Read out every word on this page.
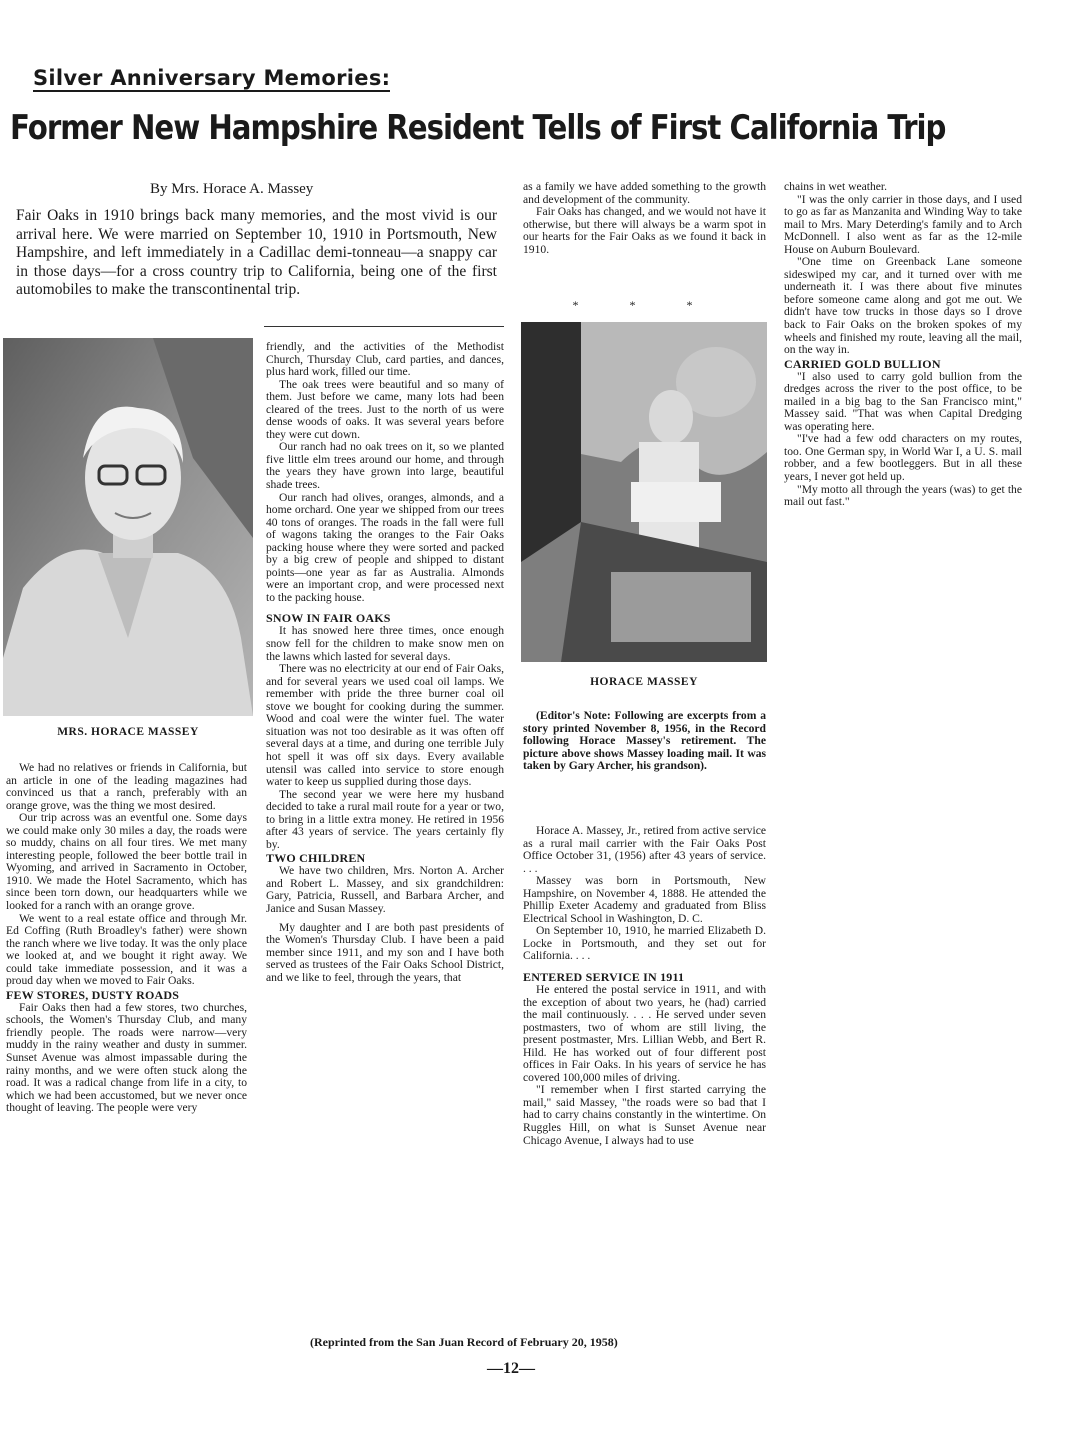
Silver Anniversary Memories:
Former New Hampshire Resident Tells of First California Trip
By Mrs. Horace A. Massey
Fair Oaks in 1910 brings back many memories, and the most vivid is our arrival here. We were married on September 10, 1910 in Portsmouth, New Hampshire, and left immediately in a Cadillac demi-tonneau—a snappy car in those days—for a cross country trip to California, being one of the first automobiles to make the transcontinental trip.
MRS. HORACE MASSEY

We had no relatives or friends in California, but an article in one of the leading magazines had convinced us that a ranch, preferably with an orange grove, was the thing we most desired.

Our trip across was an eventful one. Some days we could make only 30 miles a day, the roads were so muddy, chains on all four tires. We met many interesting people, followed the beer bottle trail in Wyoming, and arrived in Sacramento in October, 1910. We made the Hotel Sacramento, which has since been torn down, our headquarters while we looked for a ranch with an orange grove.

We went to a real estate office and through Mr. Ed Coffing (Ruth Broadley's father) were shown the ranch where we live today. It was the only place we looked at, and we bought it right away. We could take immediate possession, and it was a proud day when we moved to Fair Oaks.

FEW STORES, DUSTY ROADS

Fair Oaks then had a few stores, two churches, schools, the Women's Thursday Club, and many friendly people. The roads were narrow—very muddy in the rainy weather and dusty in summer. Sunset Avenue was almost impassable during the rainy months, and we were often stuck along the road. It was a radical change from life in a city, to which we had been accustomed, but we never once thought of leaving. The people were very

friendly, and the activities of the Methodist Church, Thursday Club, card parties, and dances, plus hard work, filled our time.

The oak trees were beautiful and so many of them. Just before we came, many lots had been cleared of the trees. Just to the north of us were dense woods of oaks. It was several years before they were cut down.

Our ranch had no oak trees on it, so we planted five little elm trees around our home, and through the years they have grown into large, beautiful shade trees.

Our ranch had olives, oranges, almonds, and a home orchard. One year we shipped from our trees 40 tons of oranges. The roads in the fall were full of wagons taking the oranges to the Fair Oaks packing house where they were sorted and packed by a big crew of people and shipped to distant points—one year as far as Australia. Almonds were an important crop, and were processed next to the packing house.

SNOW IN FAIR OAKS

It has snowed here three times, once enough snow fell for the children to make snow men on the lawns which lasted for several days.

There was no electricity at our end of Fair Oaks, and for several years we used coal oil lamps. We remember with pride the three burner coal oil stove we bought for cooking during the summer. Wood and coal were the winter fuel. The water situation was not too desirable as it was often off several days at a time, and during one terrible July hot spell it was off six days. Every available utensil was called into service to store enough water to keep us supplied during those days.

The second year we were here my husband decided to take a rural mail route for a year or two, to bring in a little extra money. He retired in 1956 after 43 years of service. The years certainly fly by.

TWO CHILDREN

We have two children, Mrs. Norton A. Archer and Robert L. Massey, and six grandchildren: Gary, Patricia, Russell, and Barbara Archer, and Janice and Susan Massey.

My daughter and I are both past presidents of the Women's Thursday Club. I have been a paid member since 1911, and my son and I have both served as trustees of the Fair Oaks School District, and we like to feel, through the years, that

as a family we have added something to the growth and development of the community.

Fair Oaks has changed, and we would not have it otherwise, but there will always be a warm spot in our hearts for the Fair Oaks as we found it back in 1910.

* * *
HORACE MASSEY

(Editor's Note: Following are excerpts from a story printed November 8, 1956, in the Record following Horace Massey's retirement. The picture above shows Massey loading mail. It was taken by Gary Archer, his grandson).

Horace A. Massey, Jr., retired from active service as a rural mail carrier with the Fair Oaks Post Office October 31, (1956) after 43 years of service. . . .

Massey was born in Portsmouth, New Hampshire, on November 4, 1888. He attended the Phillip Exeter Academy and graduated from Bliss Electrical School in Washington, D. C.

On September 10, 1910, he married Elizabeth D. Locke in Portsmouth, and they set out for California. . . .

ENTERED SERVICE IN 1911

He entered the postal service in 1911, and with the exception of about two years, he (had) carried the mail continuously. . . . He served under seven postmasters, two of whom are still living, the present postmaster, Mrs. Lillian Webb, and Bert R. Hild. He has worked out of four different post offices in Fair Oaks. In his years of service he has covered 100,000 miles of driving.

"I remember when I first started carrying the mail," said Massey, "the roads were so bad that I had to carry chains constantly in the wintertime. On Ruggles Hill, on what is Sunset Avenue near Chicago Avenue, I always had to use

chains in wet weather.

"I was the only carrier in those days, and I used to go as far as Manzanita and Winding Way to take mail to Mrs. Mary Deterding's family and to Arch McDonnell. I also went as far as the 12-mile House on Auburn Boulevard.

"One time on Greenback Lane someone sideswiped my car, and it turned over with me underneath it. I was there about five minutes before someone came along and got me out. We didn't have tow trucks in those days so I drove back to Fair Oaks on the broken spokes of my wheels and finished my route, leaving all the mail, on the way in.

CARRIED GOLD BULLION

"I also used to carry gold bullion from the dredges across the river to the post office, to be mailed in a big bag to the San Francisco mint," Massey said. "That was when Capital Dredging was operating here.

"I've had a few odd characters on my routes, too. One German spy, in World War I, a U. S. mail robber, and a few bootleggers. But in all these years, I never got held up.

"My motto all through the years (was) to get the mail out fast."

(Reprinted from the San Juan Record of February 20, 1958)
—12—
